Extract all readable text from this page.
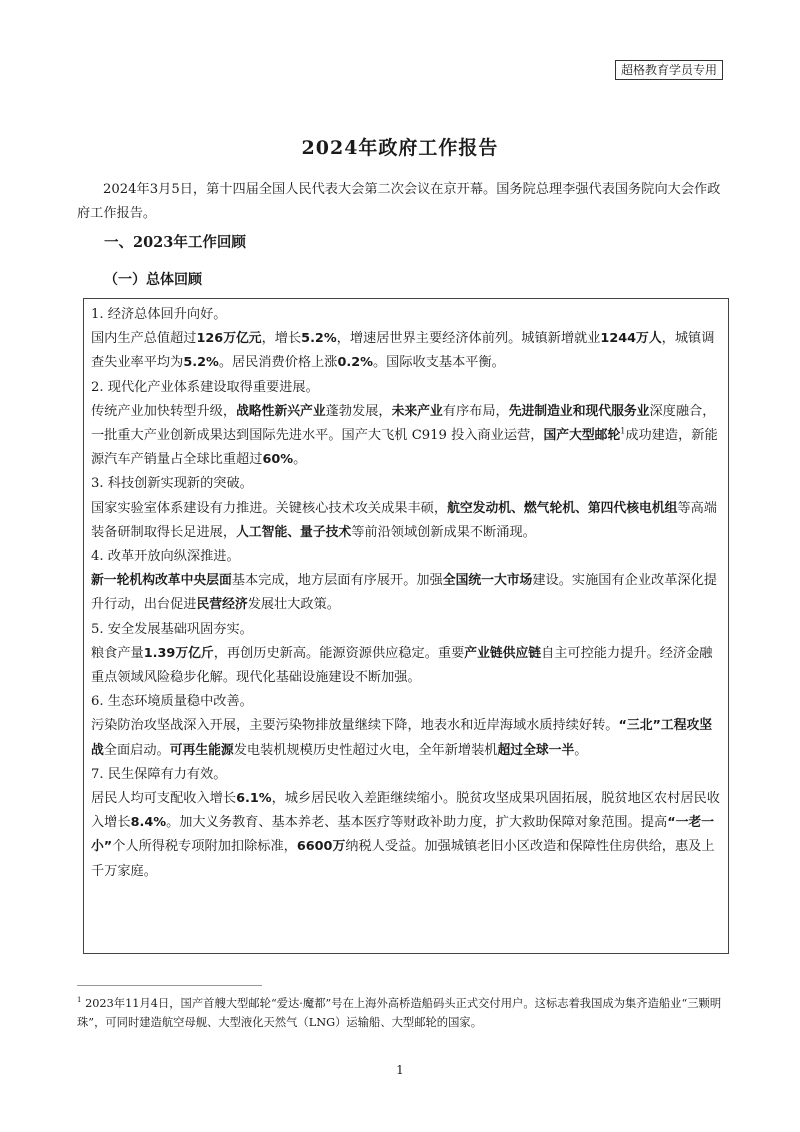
超格教育学员专用
2024年政府工作报告
2024年3月5日，第十四届全国人民代表大会第二次会议在京开幕。国务院总理李强代表国务院向大会作政府工作报告。
一、2023年工作回顾
（一）总体回顾
1. 经济总体回升向好。
国内生产总值超过126万亿元，增长5.2%，增速居世界主要经济体前列。城镇新增就业1244万人，城镇调查失业率平均为5.2%。居民消费价格上涨0.2%。国际收支基本平衡。
2. 现代化产业体系建设取得重要进展。
传统产业加快转型升级，战略性新兴产业蓬勃发展，未来产业有序布局，先进制造业和现代服务业深度融合，一批重大产业创新成果达到国际先进水平。国产大飞机 C919 投入商业运营，国产大型邮轮$^1$成功建造，新能源汽车产销量占全球比重超过60%。
3. 科技创新实现新的突破。
国家实验室体系建设有力推进。关键核心技术攻关成果丰硕，航空发动机、燃气轮机、第四代核电机组等高端装备研制取得长足进展，人工智能、量子技术等前沿领域创新成果不断涌现。
4. 改革开放向纵深推进。
新一轮机构改革中央层面基本完成，地方层面有序展开。加强全国统一大市场建设。实施国有企业改革深化提升行动，出台促进民营经济发展壮大政策。
5. 安全发展基础巩固夯实。
粮食产量1.39万亿斤，再创历史新高。能源资源供应稳定。重要产业链供应链自主可控能力提升。经济金融重点领域风险稳步化解。现代化基础设施建设不断加强。
6. 生态环境质量稳中改善。
污染防治攻坚战深入开展，主要污染物排放量继续下降，地表水和近岸海域水质持续好转。“三北”工程攻坚战全面启动。可再生能源发电装机规模历史性超过火电，全年新增装机超过全球一半。
7. 民生保障有力有效。
居民人均可支配收入增长6.1%，城乡居民收入差距继续缩小。脱贫攻坚成果巩固拓展，脱贫地区农村居民收入增长8.4%。加大义务教育、基本养老、基本医疗等财政补助力度，扩大救助保障对象范围。提高“一老一小”个人所得税专项附加扣除标准，6600万纳税人受益。加强城镇老旧小区改造和保障性住房供给，惠及上千万家庭。
$^1$ 2023年11月4日，国产首艘大型邮轮“爱达·魔都”号在上海外高桥造船码头正式交付用户。这标志着我国成为集齐造船业“三颗明珠”，可同时建造航空母舰、大型液化天然气（LNG）运输船、大型邮轮的国家。
1
